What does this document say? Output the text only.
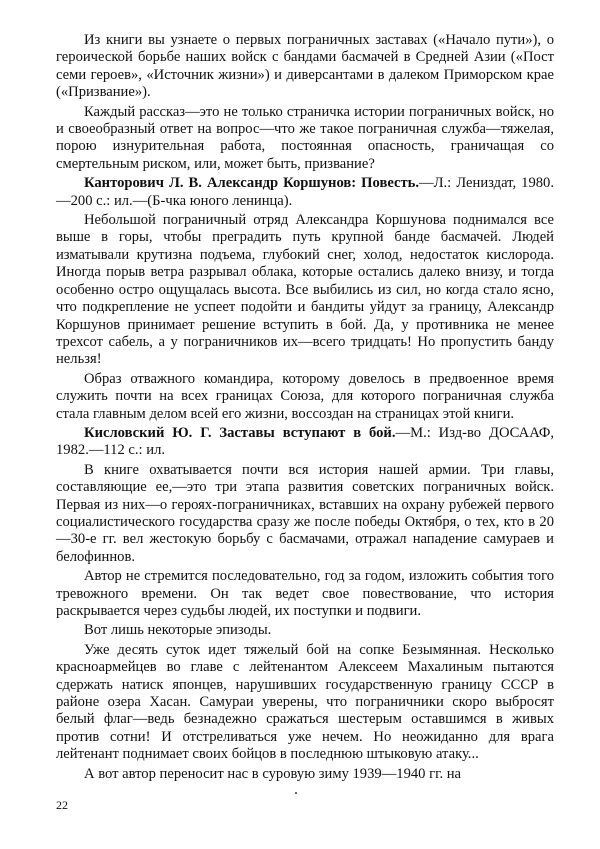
Из книги вы узнаете о первых пограничных заставах («Начало пути»), о героической борьбе наших войск с бандами басмачей в Средней Азии («Пост семи героев», «Источник жизни») и диверсантами в далеком Приморском крае («Призвание»).

Каждый рассказ—это не только страничка истории пограничных войск, но и своеобразный ответ на вопрос—что же такое пограничная служба—тяжелая, порою изнурительная работа, постоянная опасность, граничащая со смертельным риском, или, может быть, призвание?

Канторович Л. В. Александр Коршунов: Повесть.—Л.: Лениздат, 1980.—200 с.: ил.—(Б-чка юного ленинца).

Небольшой пограничный отряд Александра Коршунова поднимался все выше в горы, чтобы преградить путь крупной банде басмачей. Людей изматывали крутизна подъема, глубокий снег, холод, недостаток кислорода. Иногда порыв ветра разрывал облака, которые остались далеко внизу, и тогда особенно остро ощущалась высота. Все выбились из сил, но когда стало ясно, что подкрепление не успеет подойти и бандиты уйдут за границу, Александр Коршунов принимает решение вступить в бой. Да, у противника не менее трехсот сабель, а у пограничников их—всего тридцать! Но пропустить банду нельзя!

Образ отважного командира, которому довелось в предвоенное время служить почти на всех границах Союза, для которого пограничная служба стала главным делом всей его жизни, воссоздан на страницах этой книги.

Кисловский Ю. Г. Заставы вступают в бой.—М.: Изд-во ДОСААФ, 1982.—112 с.: ил.

В книге охватывается почти вся история нашей армии. Три главы, составляющие ее,—это три этапа развития советских пограничных войск. Первая из них—о героях-пограничниках, вставших на охрану рубежей первого социалистического государства сразу же после победы Октября, о тех, кто в 20—30-е гг. вел жестокую борьбу с басмачами, отражал нападение самураев и белофиннов.

Автор не стремится последовательно, год за годом, изложить события того тревожного времени. Он так ведет свое повествование, что история раскрывается через судьбы людей, их поступки и подвиги.

Вот лишь некоторые эпизоды.

Уже десять суток идет тяжелый бой на сопке Безымянная. Несколько красноармейцев во главе с лейтенантом Алексеем Махалиным пытаются сдержать натиск японцев, нарушивших государственную границу СССР в районе озера Хасан. Самураи уверены, что пограничники скоро выбросят белый флаг—ведь безнадежно сражаться шестерым оставшимся в живых против сотни! И отстреливаться уже нечем. Но неожиданно для врага лейтенант поднимает своих бойцов в последнюю штыковую атаку...

А вот автор переносит нас в суровую зиму 1939—1940 гг. на

22
